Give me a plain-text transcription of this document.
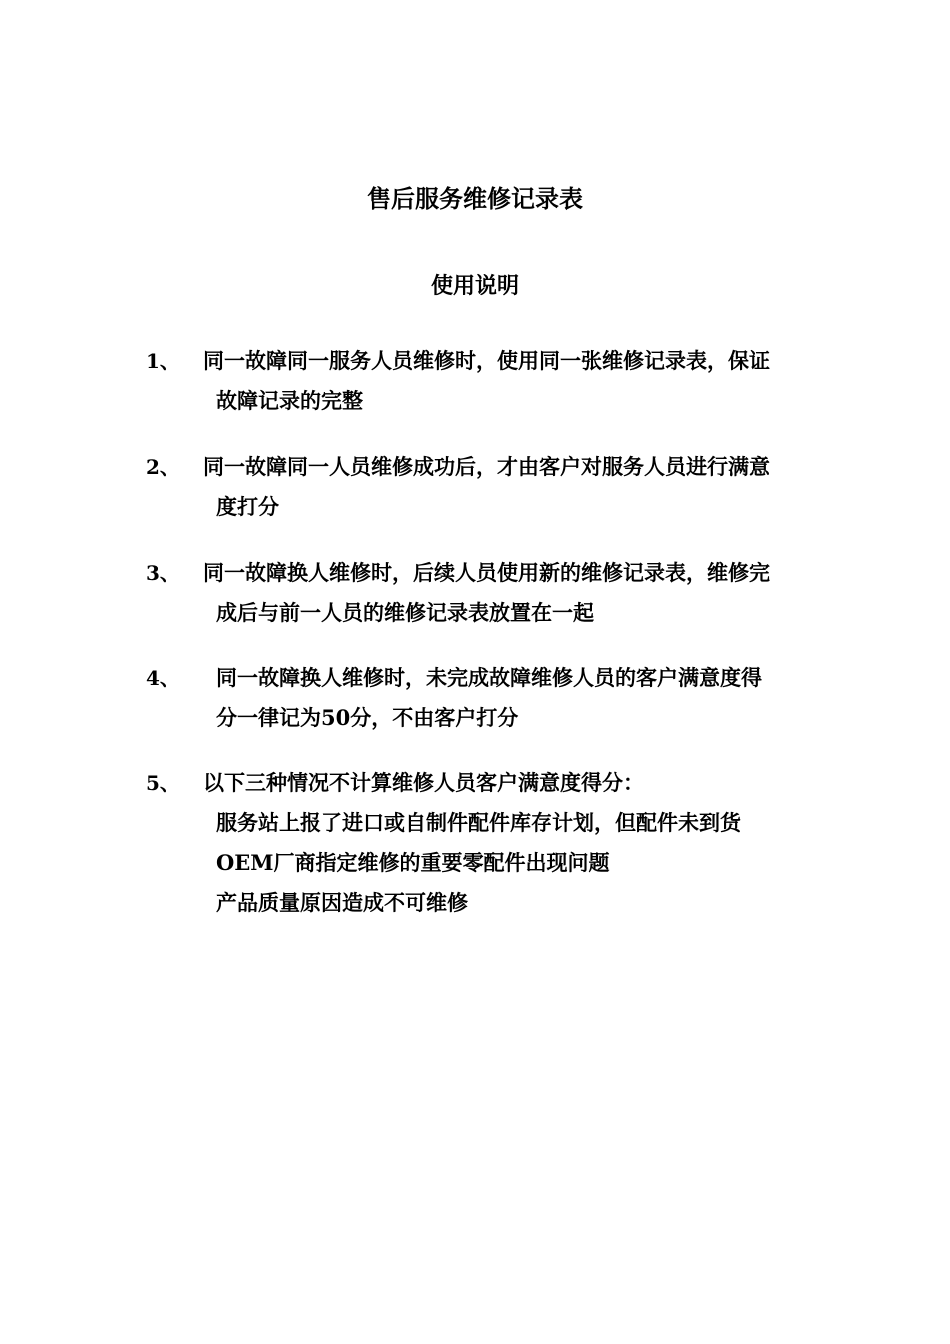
售后服务维修记录表
使用说明
1、 同一故障同一服务人员维修时，使用同一张维修记录表，保证
故障记录的完整
2、 同一故障同一人员维修成功后，才由客户对服务人员进行满意
度打分
3、 同一故障换人维修时，后续人员使用新的维修记录表，维修完
成后与前一人员的维修记录表放置在一起
4、 同一故障换人维修时，未完成故障维修人员的客户满意度得
分一律记为50分，不由客户打分
5、 以下三种情况不计算维修人员客户满意度得分：
服务站上报了进口或自制件配件库存计划，但配件未到货
OEM厂商指定维修的重要零配件出现问题
产品质量原因造成不可维修
